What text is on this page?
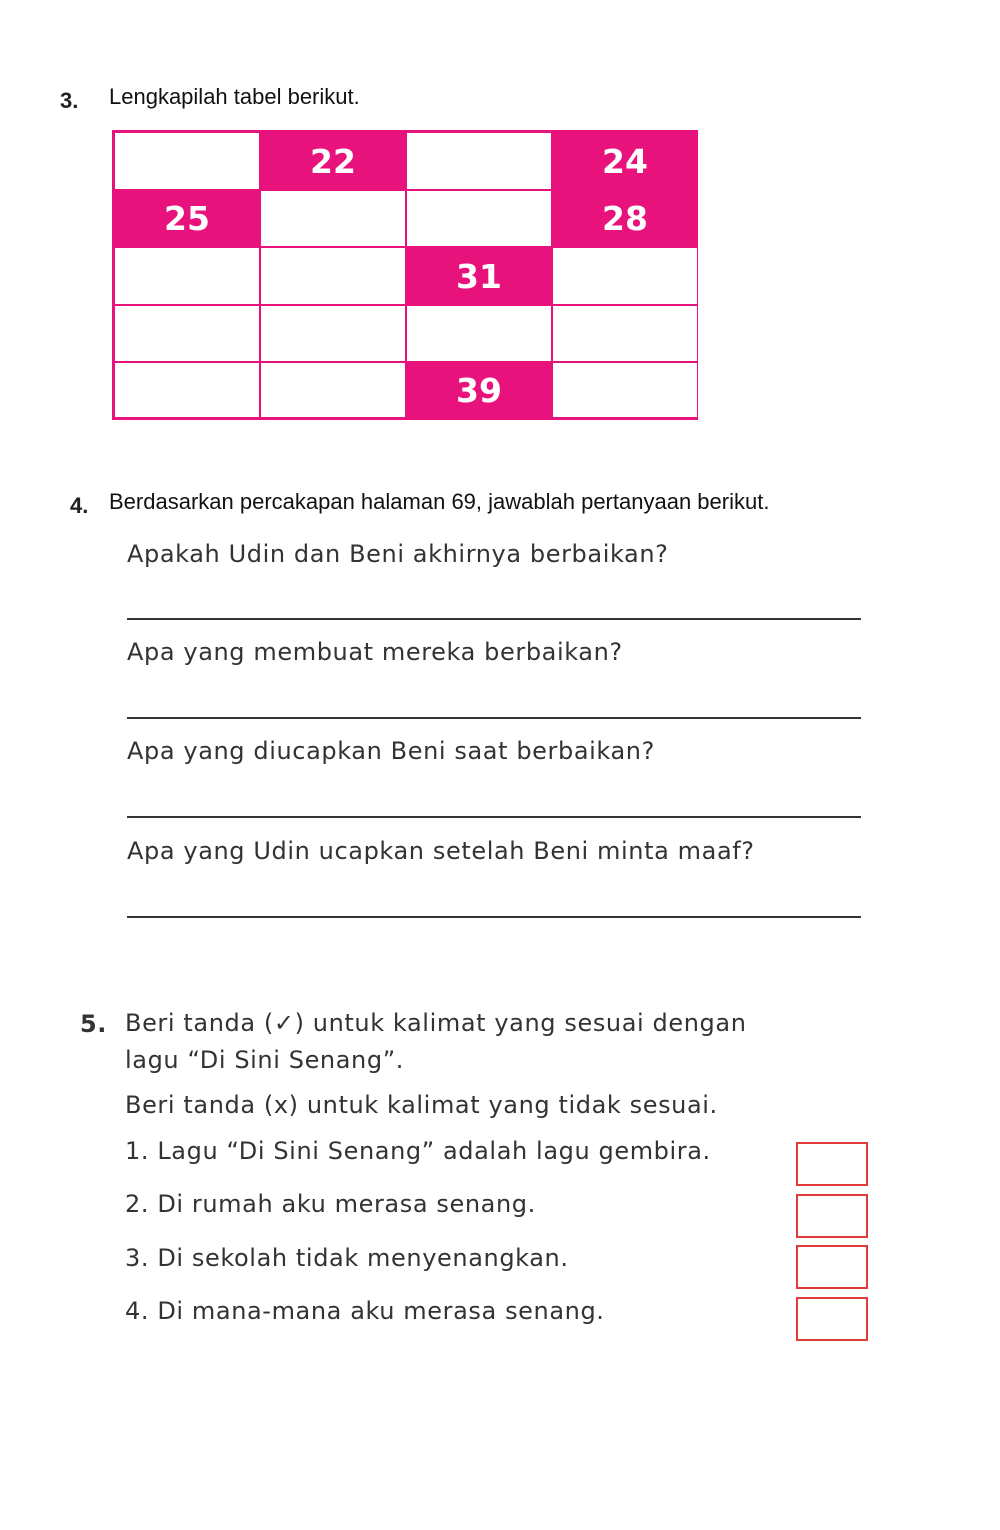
3. Lengkapilah tabel berikut.
22	24
25	28
31
39
4. Berdasarkan percakapan halaman 69, jawablah pertanyaan berikut.
Apakah Udin dan Beni akhirnya berbaikan?
Apa yang membuat mereka berbaikan?
Apa yang diucapkan Beni saat berbaikan?
Apa yang Udin ucapkan setelah Beni minta maaf?
5. Beri tanda (✓) untuk kalimat yang sesuai dengan
lagu “Di Sini Senang”.
Beri tanda (x) untuk kalimat yang tidak sesuai.
1. Lagu “Di Sini Senang” adalah lagu gembira.
2. Di rumah aku merasa senang.
3. Di sekolah tidak menyenangkan.
4. Di mana-mana aku merasa senang.
